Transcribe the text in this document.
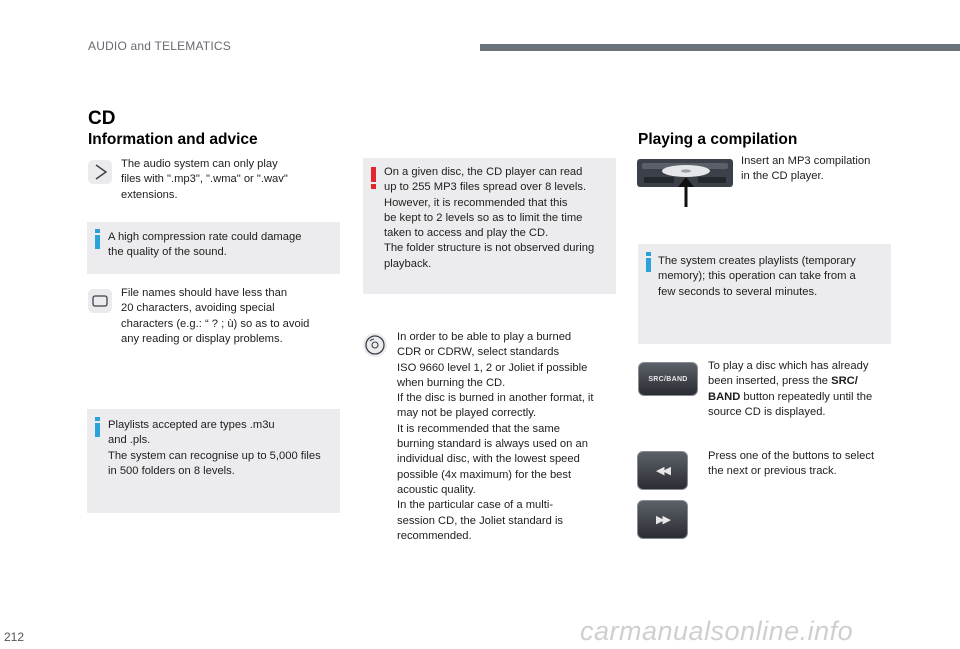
AUDIO and TELEMATICS
CD
Information and advice
The audio system can only play
files with ".mp3", ".wma" or ".wav"
extensions.
A high compression rate could damage
the quality of the sound.
File names should have less than
20 characters, avoiding special
characters (e.g.: “ ? ; ù) so as to avoid
any reading or display problems.
Playlists accepted are types .m3u
and .pls.
The system can recognise up to 5,000 files
in 500 folders on 8 levels.
On a given disc, the CD player can read
up to 255 MP3 files spread over 8 levels.
However, it is recommended that this
be kept to 2 levels so as to limit the time
taken to access and play the CD.
The folder structure is not observed during
playback.
In order to be able to play a burned
CDR or CDRW, select standards
ISO 9660 level 1, 2 or Joliet if possible
when burning the CD.
If the disc is burned in another format, it
may not be played correctly.
It is recommended that the same
burning standard is always used on an
individual disc, with the lowest speed
possible (4x maximum) for the best
acoustic quality.
In the particular case of a multi-
session CD, the Joliet standard is
recommended.
Playing a compilation
Insert an MP3 compilation
in the CD player.
The system creates playlists (temporary
memory); this operation can take from a
few seconds to several minutes.
SRC/BAND
To play a disc which has already
been inserted, press the SRC/
BAND button repeatedly until the
source CD is displayed.
◀◀
▶▶
Press one of the buttons to select
the next or previous track.
212	carmanualsonline.info
